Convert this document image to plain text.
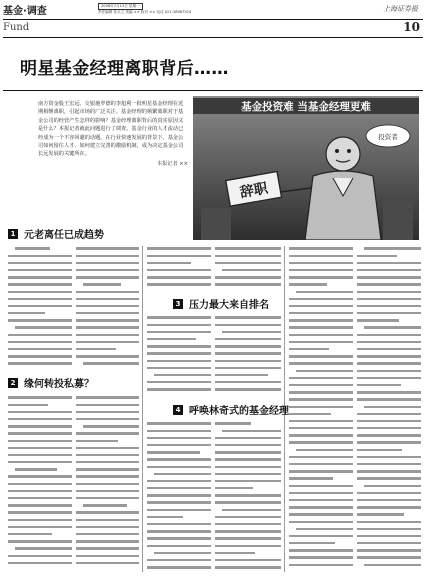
基金·调查	2006年7月13日 星期一
责任编辑 张永立 美编 ×× 校对 ×× 电话 021-38967524	上海证券报
Fund	10
明星基金经理离职背后……
南方资金股王宏远、交银施罗德的李旭利一批明星基金经理在近期相继离职，引起市场的广泛关注。基金经理的频繁离职对于基金公司的经营产生怎样的影响？基金经理离职背后的真实原因又是什么？本报记者就此问题进行了调查。基金行业的人才流动已经成为一个不容回避的话题。在行业快速发展的背景下，基金公司如何留住人才、如何建立完善的激励机制，成为决定基金公司长远发展的关键所在。
本报记者 ××
基金投资难 当基金经理更难
投资者
辞职
1 元老离任已成趋势
2 缘何转投私募？
3 压力最大来自排名
4 呼唤林奇式的基金经理
